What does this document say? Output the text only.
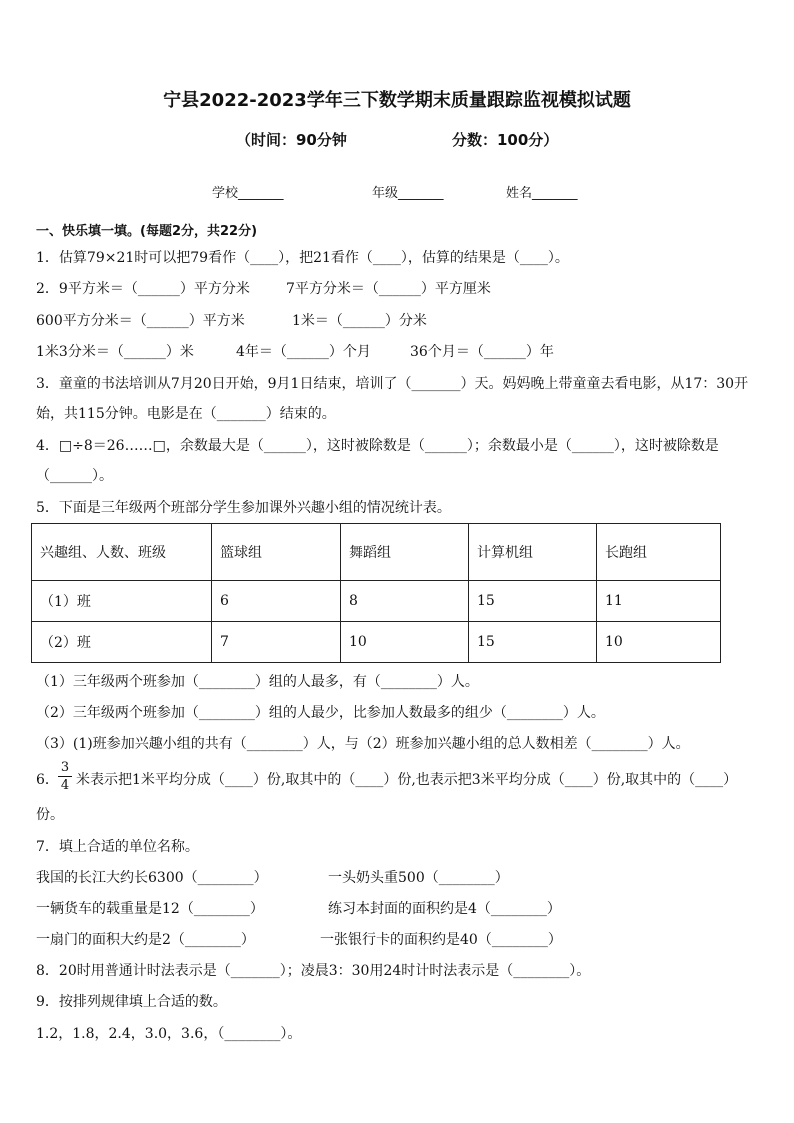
宁县2022-2023学年三下数学期末质量跟踪监视模拟试题
（时间：90分钟	分数：100分）
学校_______	年级_______	姓名_______
一、快乐填一填。(每题2分，共22分)
1．估算79×21时可以把79看作（____），把21看作（____），估算的结果是（____）。
2．9平方米＝（______）平方分米	7平方分米＝（______）平方厘米
600平方分米＝（______）平方米	1米＝（______）分米
1米3分米＝（______）米	4年＝（______）个月	36个月＝（______）年
3．童童的书法培训从7月20日开始，9月1日结束，培训了（_______）天。妈妈晚上带童童去看电影，从17：30开
始，共115分钟。电影是在（_______）结束的。
4．□÷8＝26……□，余数最大是（______），这时被除数是（______）；余数最小是（______），这时被除数是
（______）。
5．下面是三年级两个班部分学生参加课外兴趣小组的情况统计表。
兴趣组、人数、班级	篮球组	舞蹈组	计算机组	长跑组
（1）班	6	8	15	11
（2）班	7	10	15	10
（1）三年级两个班参加（________）组的人最多，有（________）人。
（2）三年级两个班参加（________）组的人最少，比参加人数最多的组少（________）人。
（3）(1)班参加兴趣小组的共有（________）人，与（2）班参加兴趣小组的总人数相差（________）人。
6．
3
4 米表示把1米平均分成（____）份,取其中的（____）份,也表示把3米平均分成（____）份,取其中的（____）
份。
7．填上合适的单位名称。
我国的长江大约长6300（________）	一头奶头重500（________）
一辆货车的载重量是12（________）	练习本封面的面积约是4（________）
一扇门的面积大约是2（________）	一张银行卡的面积约是40（________）
8．20时用普通计时法表示是（_______）；凌晨3：30用24时计时法表示是（________）。
9．按排列规律填上合适的数。
1.2，1.8，2.4，3.0，3.6，（________）。
